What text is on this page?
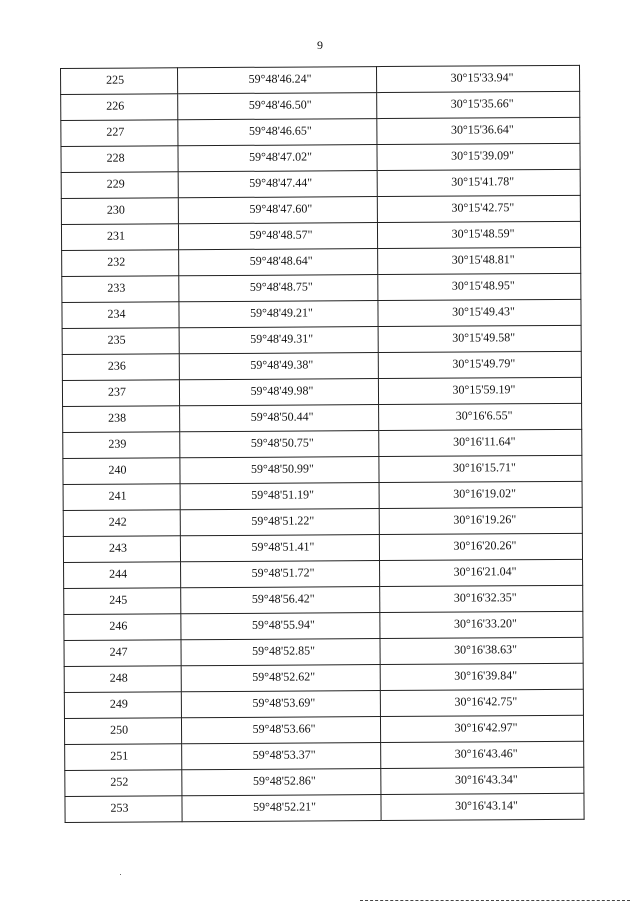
9
225	59°48'46.24"	30°15'33.94"
226	59°48'46.50"	30°15'35.66"
227	59°48'46.65"	30°15'36.64"
228	59°48'47.02"	30°15'39.09"
229	59°48'47.44"	30°15'41.78"
230	59°48'47.60"	30°15'42.75"
231	59°48'48.57"	30°15'48.59"
232	59°48'48.64"	30°15'48.81"
233	59°48'48.75"	30°15'48.95"
234	59°48'49.21"	30°15'49.43"
235	59°48'49.31"	30°15'49.58"
236	59°48'49.38"	30°15'49.79"
237	59°48'49.98"	30°15'59.19"
238	59°48'50.44"	30°16'6.55"
239	59°48'50.75"	30°16'11.64"
240	59°48'50.99"	30°16'15.71"
241	59°48'51.19"	30°16'19.02"
242	59°48'51.22"	30°16'19.26"
243	59°48'51.41"	30°16'20.26"
244	59°48'51.72"	30°16'21.04"
245	59°48'56.42"	30°16'32.35"
246	59°48'55.94"	30°16'33.20"
247	59°48'52.85"	30°16'38.63"
248	59°48'52.62"	30°16'39.84"
249	59°48'53.69"	30°16'42.75"
250	59°48'53.66"	30°16'42.97"
251	59°48'53.37"	30°16'43.46"
252	59°48'52.86"	30°16'43.34"
253	59°48'52.21"	30°16'43.14"
